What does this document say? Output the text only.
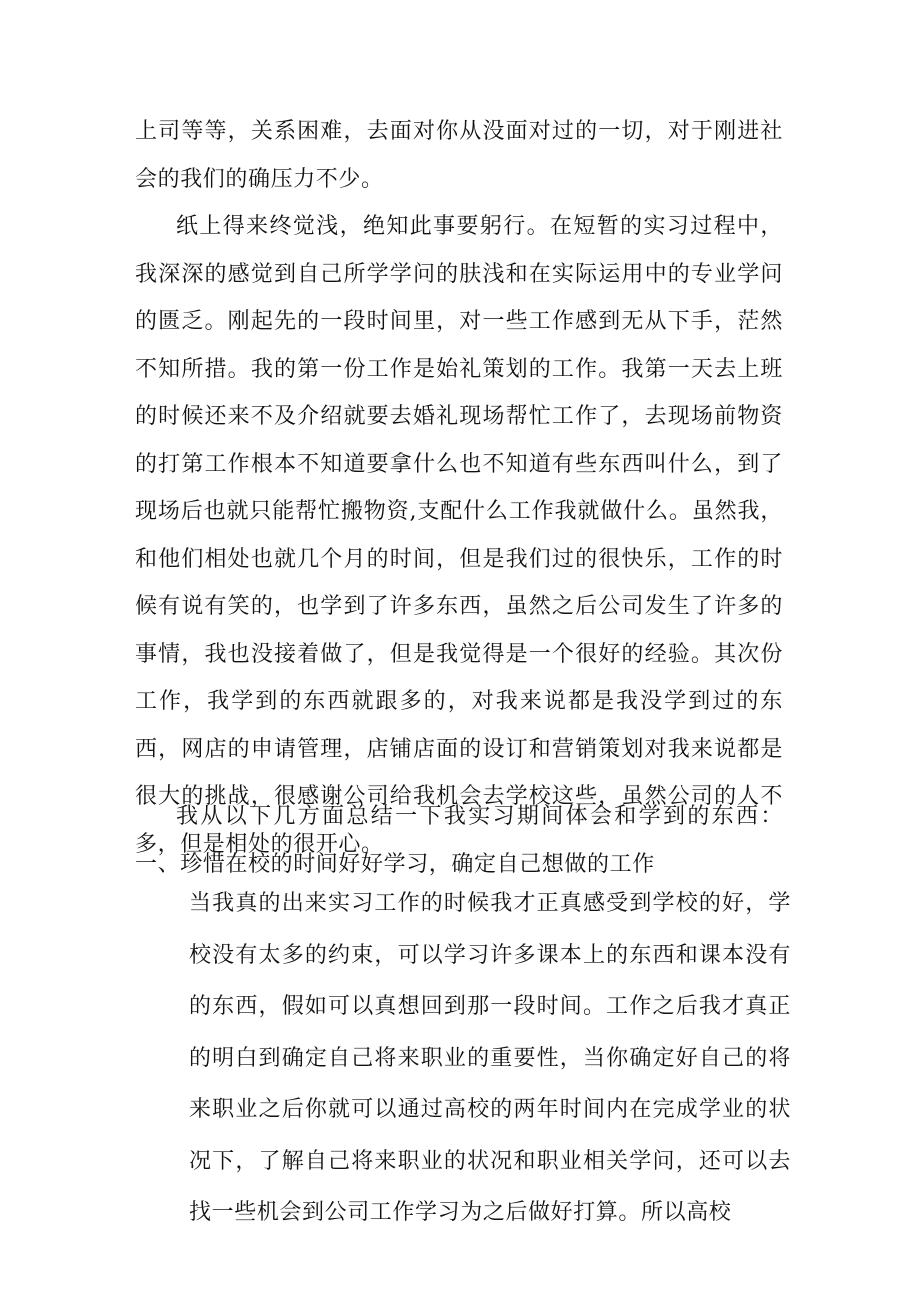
上司等等，关系困难，去面对你从没面对过的一切，对于刚进社会的我们的确压力不少。

纸上得来终觉浅，绝知此事要躬行。在短暂的实习过程中，我深深的感觉到自己所学学问的肤浅和在实际运用中的专业学问的匮乏。刚起先的一段时间里，对一些工作感到无从下手，茫然不知所措。我的第一份工作是始礼策划的工作。我第一天去上班的时候还来不及介绍就要去婚礼现场帮忙工作了，去现场前物资的打第工作根本不知道要拿什么也不知道有些东西叫什么，到了现场后也就只能帮忙搬物资,支配什么工作我就做什么。虽然我，和他们相处也就几个月的时间，但是我们过的很快乐，工作的时候有说有笑的，也学到了许多东西，虽然之后公司发生了许多的事情，我也没接着做了，但是我觉得是一个很好的经验。其次份工作，我学到的东西就跟多的，对我来说都是我没学到过的东西，网店的申请管理，店铺店面的设订和营销策划对我来说都是很大的挑战，很感谢公司给我机会去学校这些，虽然公司的人不多，但是相处的很开心。

我从以下几方面总结一下我实习期间体会和学到的东西：一、珍惜在校的时间好好学习，确定自己想做的工作

当我真的出来实习工作的时候我才正真感受到学校的好，学校没有太多的约束，可以学习许多课本上的东西和课本没有的东西，假如可以真想回到那一段时间。工作之后我才真正的明白到确定自己将来职业的重要性，当你确定好自己的将来职业之后你就可以通过高校的两年时间内在完成学业的状况下，了解自己将来职业的状况和职业相关学问，还可以去找一些机会到公司工作学习为之后做好打算。所以高校
